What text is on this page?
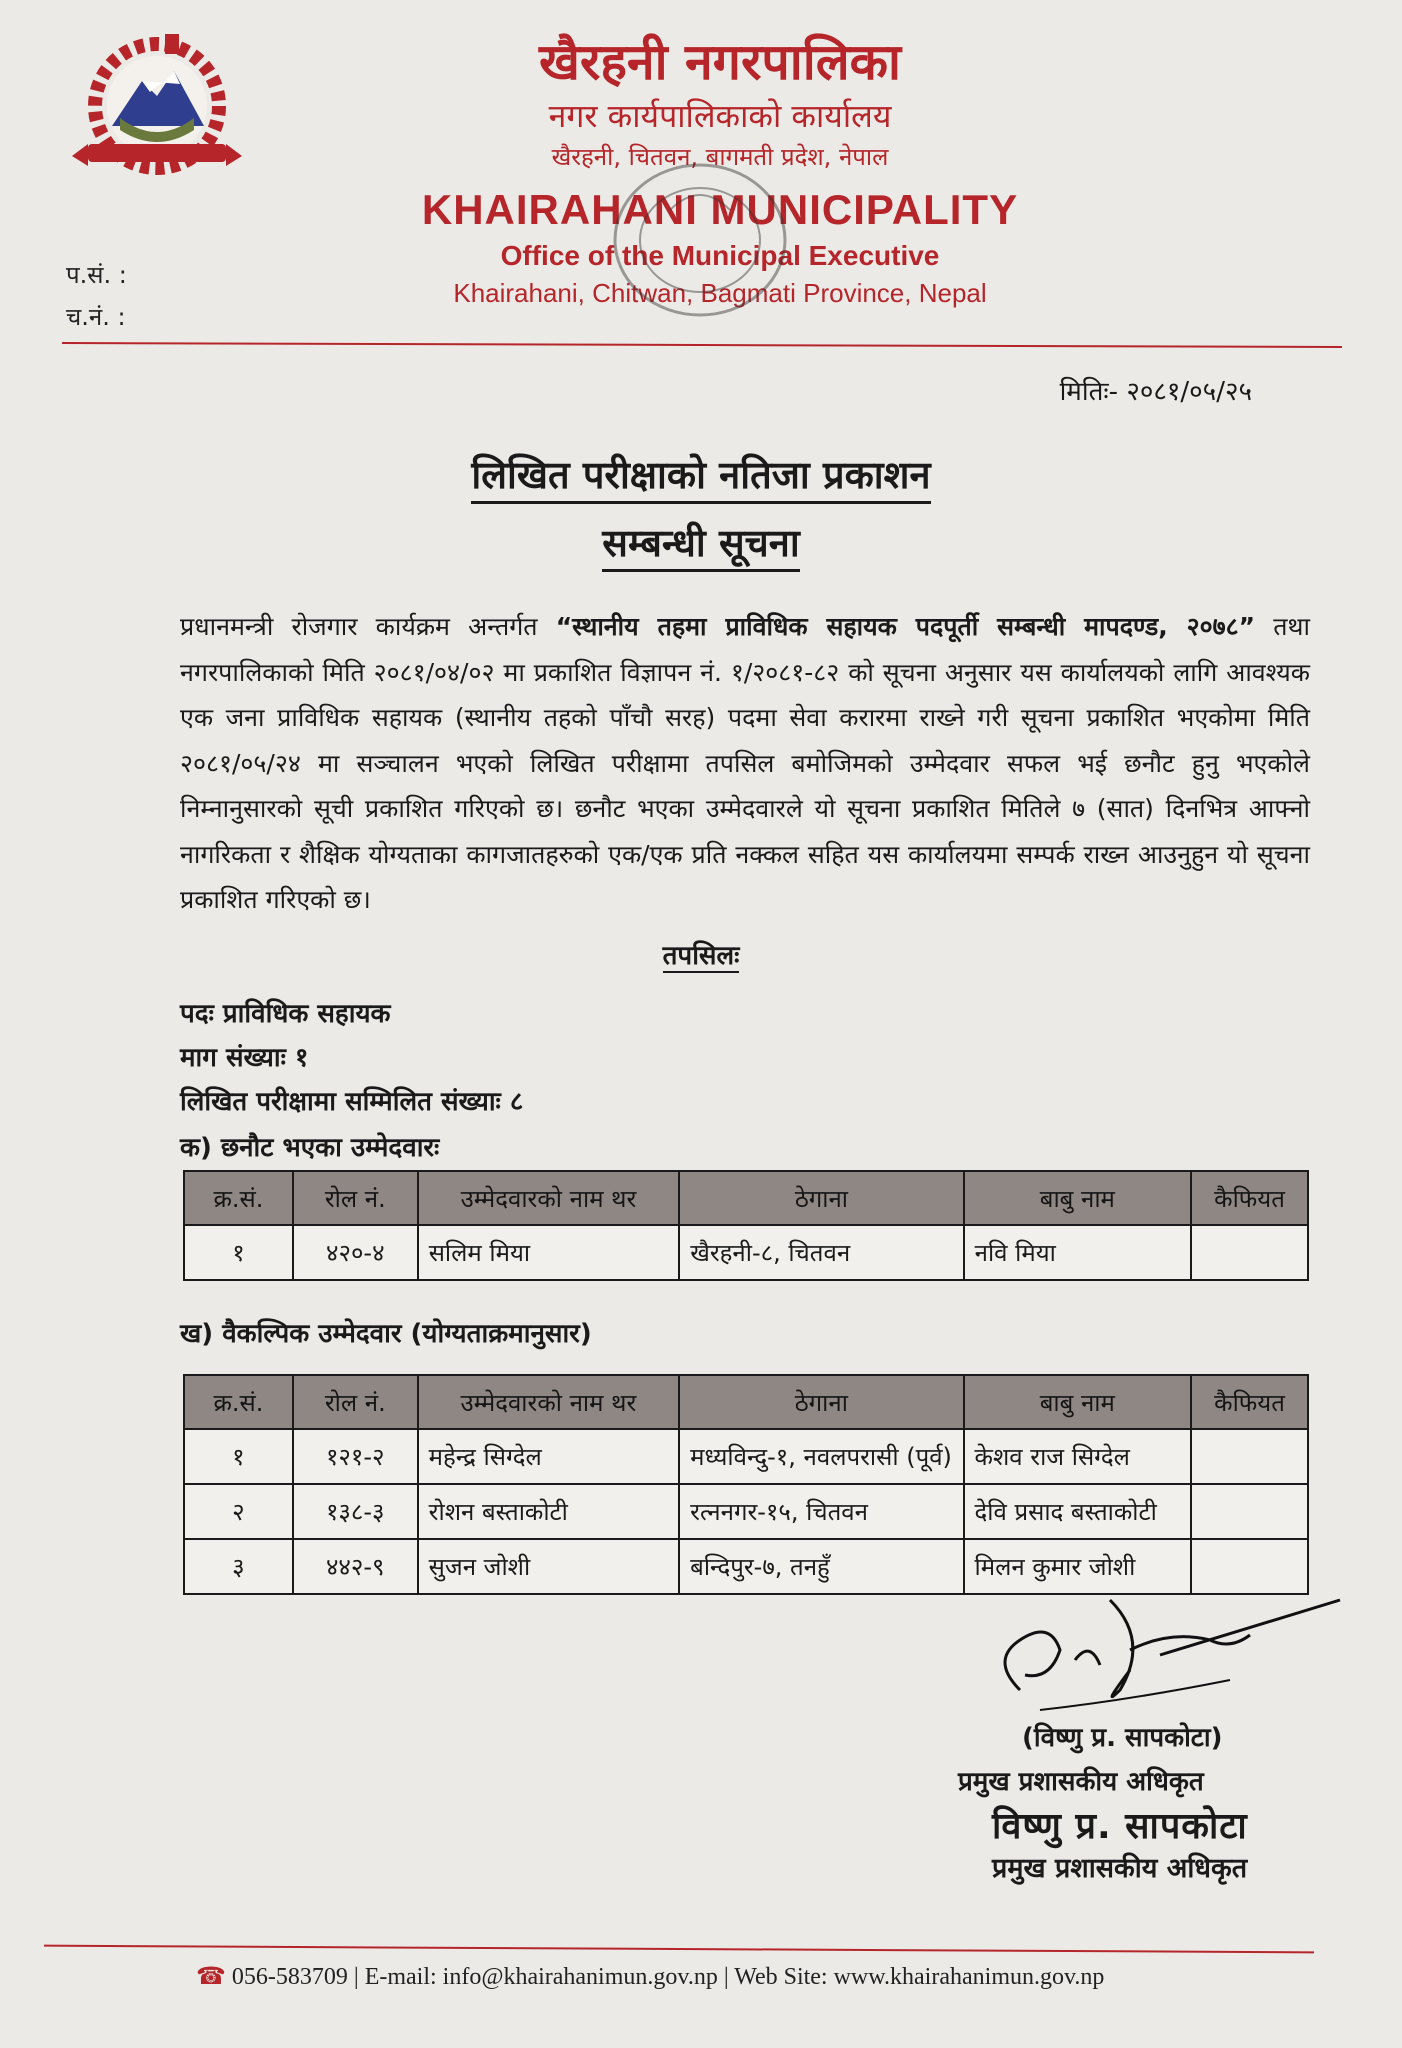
खैरहनी नगरपालिका
नगर कार्यपालिकाको कार्यालय
खैरहनी, चितवन, बागमती प्रदेश, नेपाल
KHAIRAHANI MUNICIPALITY
Office of the Municipal Executive
Khairahani, Chitwan, Bagmati Province, Nepal
प.सं. :
च.नं. :
मितिः- २०८१/०५/२५
लिखित परीक्षाको नतिजा प्रकाशन
सम्बन्धी सूचना
प्रधानमन्त्री रोजगार कार्यक्रम अन्तर्गत “स्थानीय तहमा प्राविधिक सहायक पदपूर्ती सम्बन्धी मापदण्ड, २०७८” तथा नगरपालिकाको मिति २०८१/०४/०२ मा प्रकाशित विज्ञापन नं. १/२०८१-८२ को सूचना अनुसार यस कार्यालयको लागि आवश्यक एक जना प्राविधिक सहायक (स्थानीय तहको पाँचौ सरह) पदमा सेवा करारमा राख्ने गरी सूचना प्रकाशित भएकोमा मिति २०८१/०५/२४ मा सञ्चालन भएको लिखित परीक्षामा तपसिल बमोजिमको उम्मेदवार सफल भई छनौट हुनु भएकोले निम्नानुसारको सूची प्रकाशित गरिएको छ। छनौट भएका उम्मेदवारले यो सूचना प्रकाशित मितिले ७ (सात) दिनभित्र आफ्नो नागरिकता र शैक्षिक योग्यताका कागजातहरुको एक/एक प्रति नक्कल सहित यस कार्यालयमा सम्पर्क राख्न आउनुहुन यो सूचना प्रकाशित गरिएको छ।
तपसिलः
पदः प्राविधिक सहायक
माग संख्याः १
लिखित परीक्षामा सम्मिलित संख्याः ८
क) छनौट भएका उम्मेदवारः
क्र.सं.	रोल नं.	उम्मेदवारको नाम थर	ठेगाना	बाबु नाम	कैफियत
१	४२०-४	सलिम मिया	खैरहनी-८, चितवन	नवि मिया	
ख) वैकल्पिक उम्मेदवार (योग्यताक्रमानुसार)
क्र.सं.	रोल नं.	उम्मेदवारको नाम थर	ठेगाना	बाबु नाम	कैफियत
१	१२१-२	महेन्द्र सिग्देल	मध्यविन्दु-१, नवलपरासी (पूर्व)	केशव राज सिग्देल	
२	१३८-३	रोशन बस्ताकोटी	रत्ननगर-१५, चितवन	देवि प्रसाद बस्ताकोटी	
३	४४२-९	सुजन जोशी	बन्दिपुर-७, तनहुँ	मिलन कुमार जोशी	
(विष्णु प्र. सापकोटा)
प्रमुख प्रशासकीय अधिकृत
विष्णु प्र. सापकोटा
प्रमुख प्रशासकीय अधिकृत
☎ 056-583709 | E-mail: info@khairahanimun.gov.np | Web Site: www.khairahanimun.gov.np
